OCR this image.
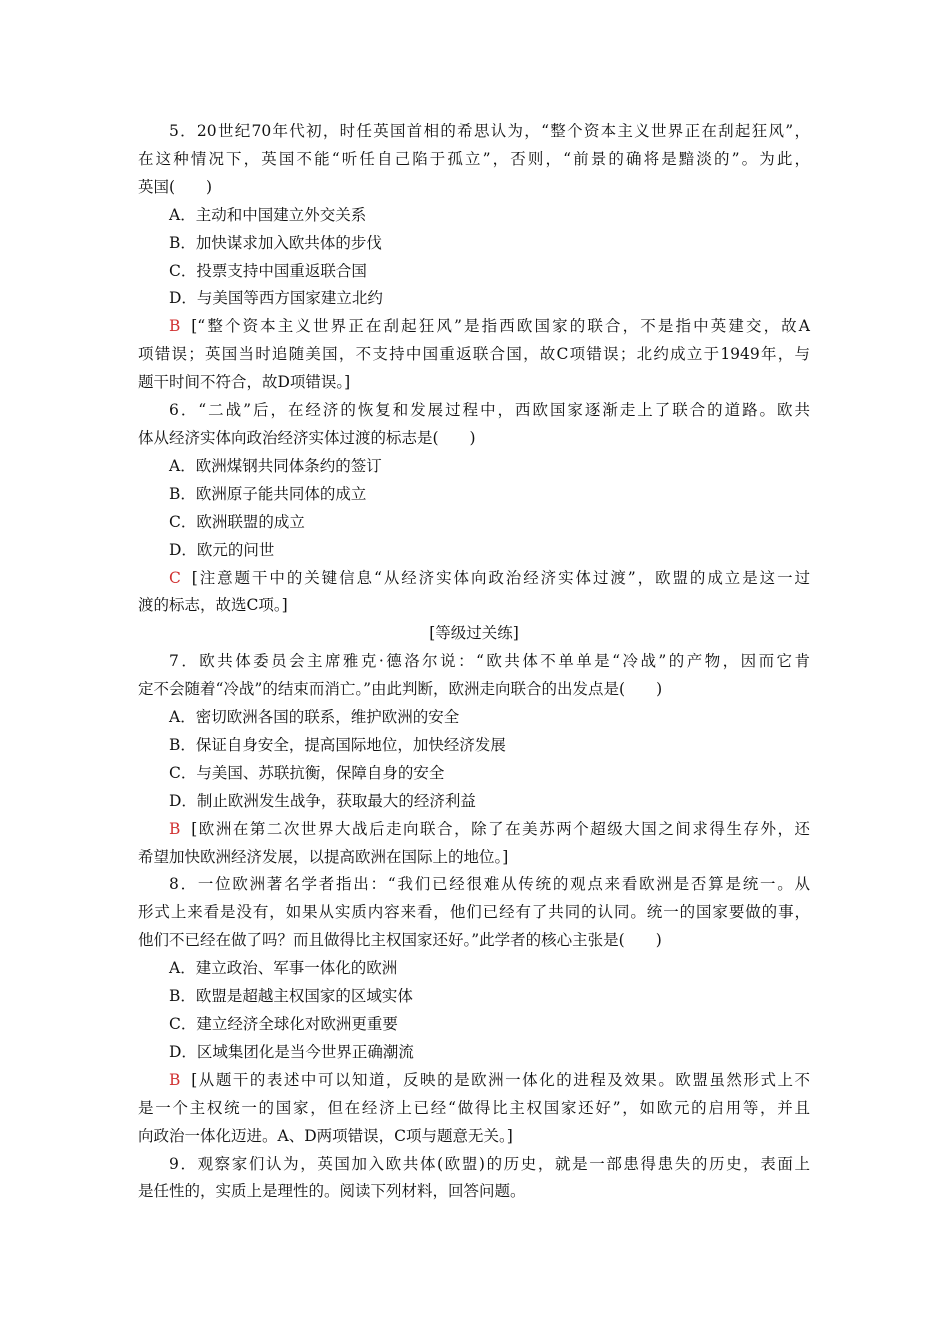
5．20世纪70年代初，时任英国首相的希思认为，“整个资本主义世界正在刮起狂风”，
在这种情况下，英国不能“听任自己陷于孤立”，否则，“前景的确将是黯淡的”。为此，
英国(　　)
A．主动和中国建立外交关系
B．加快谋求加入欧共体的步伐
C．投票支持中国重返联合国
D．与美国等西方国家建立北约
B [“整个资本主义世界正在刮起狂风”是指西欧国家的联合，不是指中英建交，故A
项错误；英国当时追随美国，不支持中国重返联合国，故C项错误；北约成立于1949年，与
题干时间不符合，故D项错误。]
6．“二战”后，在经济的恢复和发展过程中，西欧国家逐渐走上了联合的道路。欧共
体从经济实体向政治经济实体过渡的标志是(　　)
A．欧洲煤钢共同体条约的签订
B．欧洲原子能共同体的成立
C．欧洲联盟的成立
D．欧元的问世
C [注意题干中的关键信息“从经济实体向政治经济实体过渡”，欧盟的成立是这一过
渡的标志，故选C项。]
[等级过关练]
7．欧共体委员会主席雅克·德洛尔说：“欧共体不单单是“冷战”的产物，因而它肯
定不会随着“冷战”的结束而消亡。”由此判断，欧洲走向联合的出发点是(　　)
A．密切欧洲各国的联系，维护欧洲的安全
B．保证自身安全，提高国际地位，加快经济发展
C．与美国、苏联抗衡，保障自身的安全
D．制止欧洲发生战争，获取最大的经济利益
B [欧洲在第二次世界大战后走向联合，除了在美苏两个超级大国之间求得生存外，还
希望加快欧洲经济发展，以提高欧洲在国际上的地位。]
8．一位欧洲著名学者指出：“我们已经很难从传统的观点来看欧洲是否算是统一。从
形式上来看是没有，如果从实质内容来看，他们已经有了共同的认同。统一的国家要做的事，
他们不已经在做了吗？而且做得比主权国家还好。”此学者的核心主张是(　　)
A．建立政治、军事一体化的欧洲
B．欧盟是超越主权国家的区域实体
C．建立经济全球化对欧洲更重要
D．区域集团化是当今世界正确潮流
B [从题干的表述中可以知道，反映的是欧洲一体化的进程及效果。欧盟虽然形式上不
是一个主权统一的国家，但在经济上已经“做得比主权国家还好”，如欧元的启用等，并且
向政治一体化迈进。A、D两项错误，C项与题意无关。]
9．观察家们认为，英国加入欧共体(欧盟)的历史，就是一部患得患失的历史，表面上
是任性的，实质上是理性的。阅读下列材料，回答问题。
